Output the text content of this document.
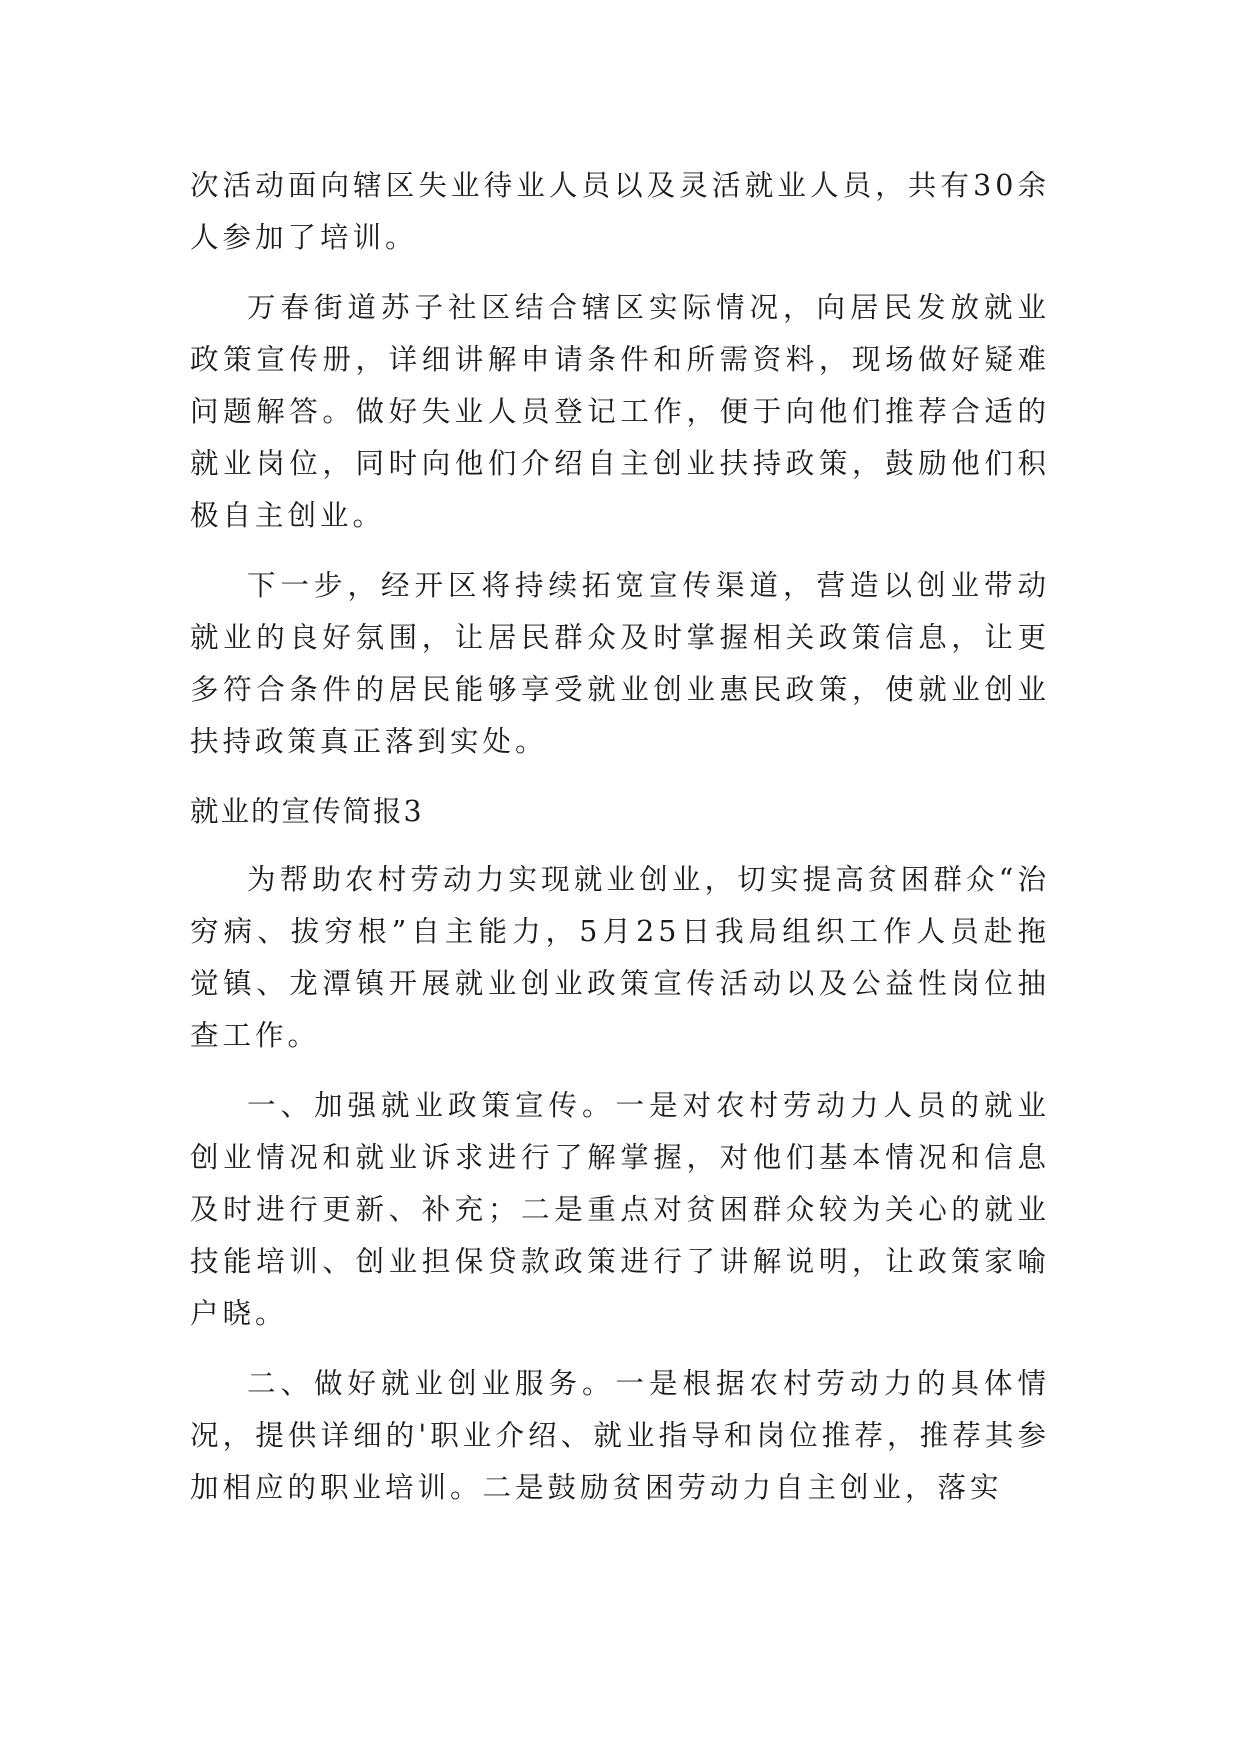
次活动面向辖区失业待业人员以及灵活就业人员，共有30余人参加了培训。

万春街道苏子社区结合辖区实际情况，向居民发放就业政策宣传册，详细讲解申请条件和所需资料，现场做好疑难问题解答。做好失业人员登记工作，便于向他们推荐合适的就业岗位，同时向他们介绍自主创业扶持政策，鼓励他们积极自主创业。

下一步，经开区将持续拓宽宣传渠道，营造以创业带动就业的良好氛围，让居民群众及时掌握相关政策信息，让更多符合条件的居民能够享受就业创业惠民政策，使就业创业扶持政策真正落到实处。

就业的宣传简报3

为帮助农村劳动力实现就业创业，切实提高贫困群众“治穷病、拔穷根”自主能力，5月25日我局组织工作人员赴拖觉镇、龙潭镇开展就业创业政策宣传活动以及公益性岗位抽查工作。

一、加强就业政策宣传。一是对农村劳动力人员的就业创业情况和就业诉求进行了解掌握，对他们基本情况和信息及时进行更新、补充；二是重点对贫困群众较为关心的就业技能培训、创业担保贷款政策进行了讲解说明，让政策家喻户晓。

二、做好就业创业服务。一是根据农村劳动力的具体情况，提供详细的'职业介绍、就业指导和岗位推荐，推荐其参加相应的职业培训。二是鼓励贫困劳动力自主创业，落实
